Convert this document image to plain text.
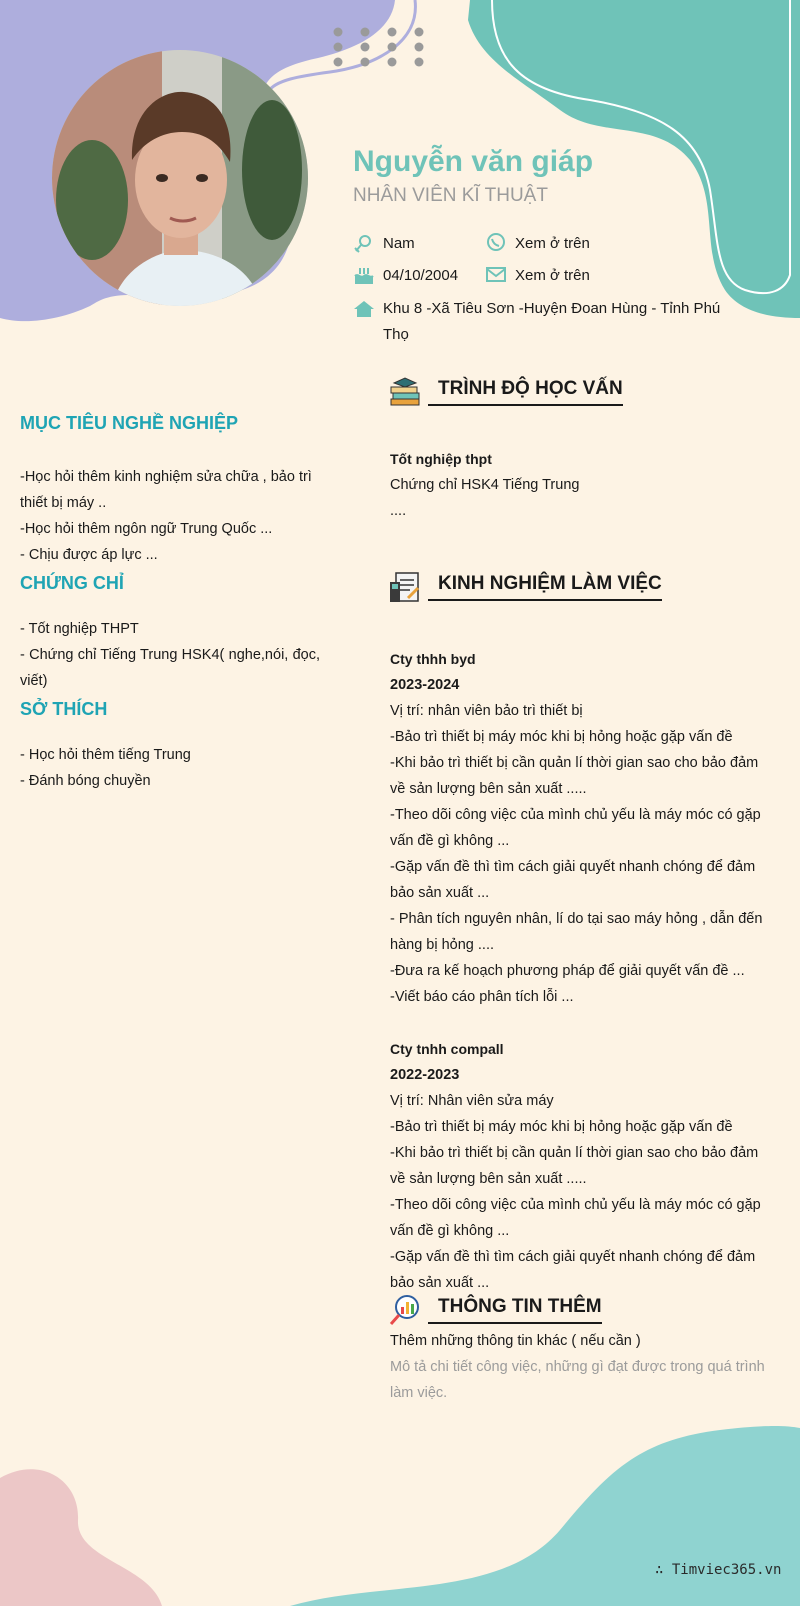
Nguyễn văn giáp
NHÂN VIÊN KĨ THUẬT
Nam	Xem ở trên
04/10/2004	Xem ở trên
Khu 8 -Xã Tiêu Sơn -Huyện Đoan Hùng - Tỉnh Phú Thọ
MỤC TIÊU NGHỀ NGHIỆP
-Học hỏi thêm kinh nghiệm sửa chữa , bảo trì thiết bị máy ..
-Học hỏi thêm ngôn ngữ Trung Quốc ...
- Chịu được áp lực ...
CHỨNG CHỈ
- Tốt nghiệp THPT
- Chứng chỉ Tiếng Trung HSK4( nghe,nói, đọc, viết)
SỞ THÍCH
- Học hỏi thêm tiếng Trung
- Đánh bóng chuyền
TRÌNH ĐỘ HỌC VẤN
Tốt nghiệp thpt
Chứng chỉ HSK4 Tiếng Trung
....
KINH NGHIỆM LÀM VIỆC
Cty thhh byd
2023-2024
Vị trí: nhân viên bảo trì thiết bị
-Bảo trì thiết bị máy móc khi bị hỏng hoặc gặp vấn đề
-Khi bảo trì thiết bị cần quản lí thời gian sao cho bảo đảm về sản lượng bên sản xuất .....
-Theo dõi công việc của mình chủ yếu là máy móc có gặp vấn đề gì không ...
-Gặp vấn đề thì tìm cách giải quyết nhanh chóng để đảm bảo sản xuất ...
- Phân tích nguyên nhân, lí do tại sao máy hỏng , dẫn đến hàng bị hỏng ....
-Đưa ra kế hoạch phương pháp để giải quyết vấn đề ...
-Viết báo cáo phân tích lỗi ...
Cty tnhh compall
2022-2023
Vị trí: Nhân viên sửa máy
-Bảo trì thiết bị máy móc khi bị hỏng hoặc gặp vấn đề
-Khi bảo trì thiết bị cần quản lí thời gian sao cho bảo đảm về sản lượng bên sản xuất .....
-Theo dõi công việc của mình chủ yếu là máy móc có gặp vấn đề gì không ...
-Gặp vấn đề thì tìm cách giải quyết nhanh chóng để đảm bảo sản xuất ...
THÔNG TIN THÊM
Thêm những thông tin khác ( nếu cần )
Mô tả chi tiết công việc, những gì đạt được trong quá trình làm việc.
∴ Timviec365.vn
